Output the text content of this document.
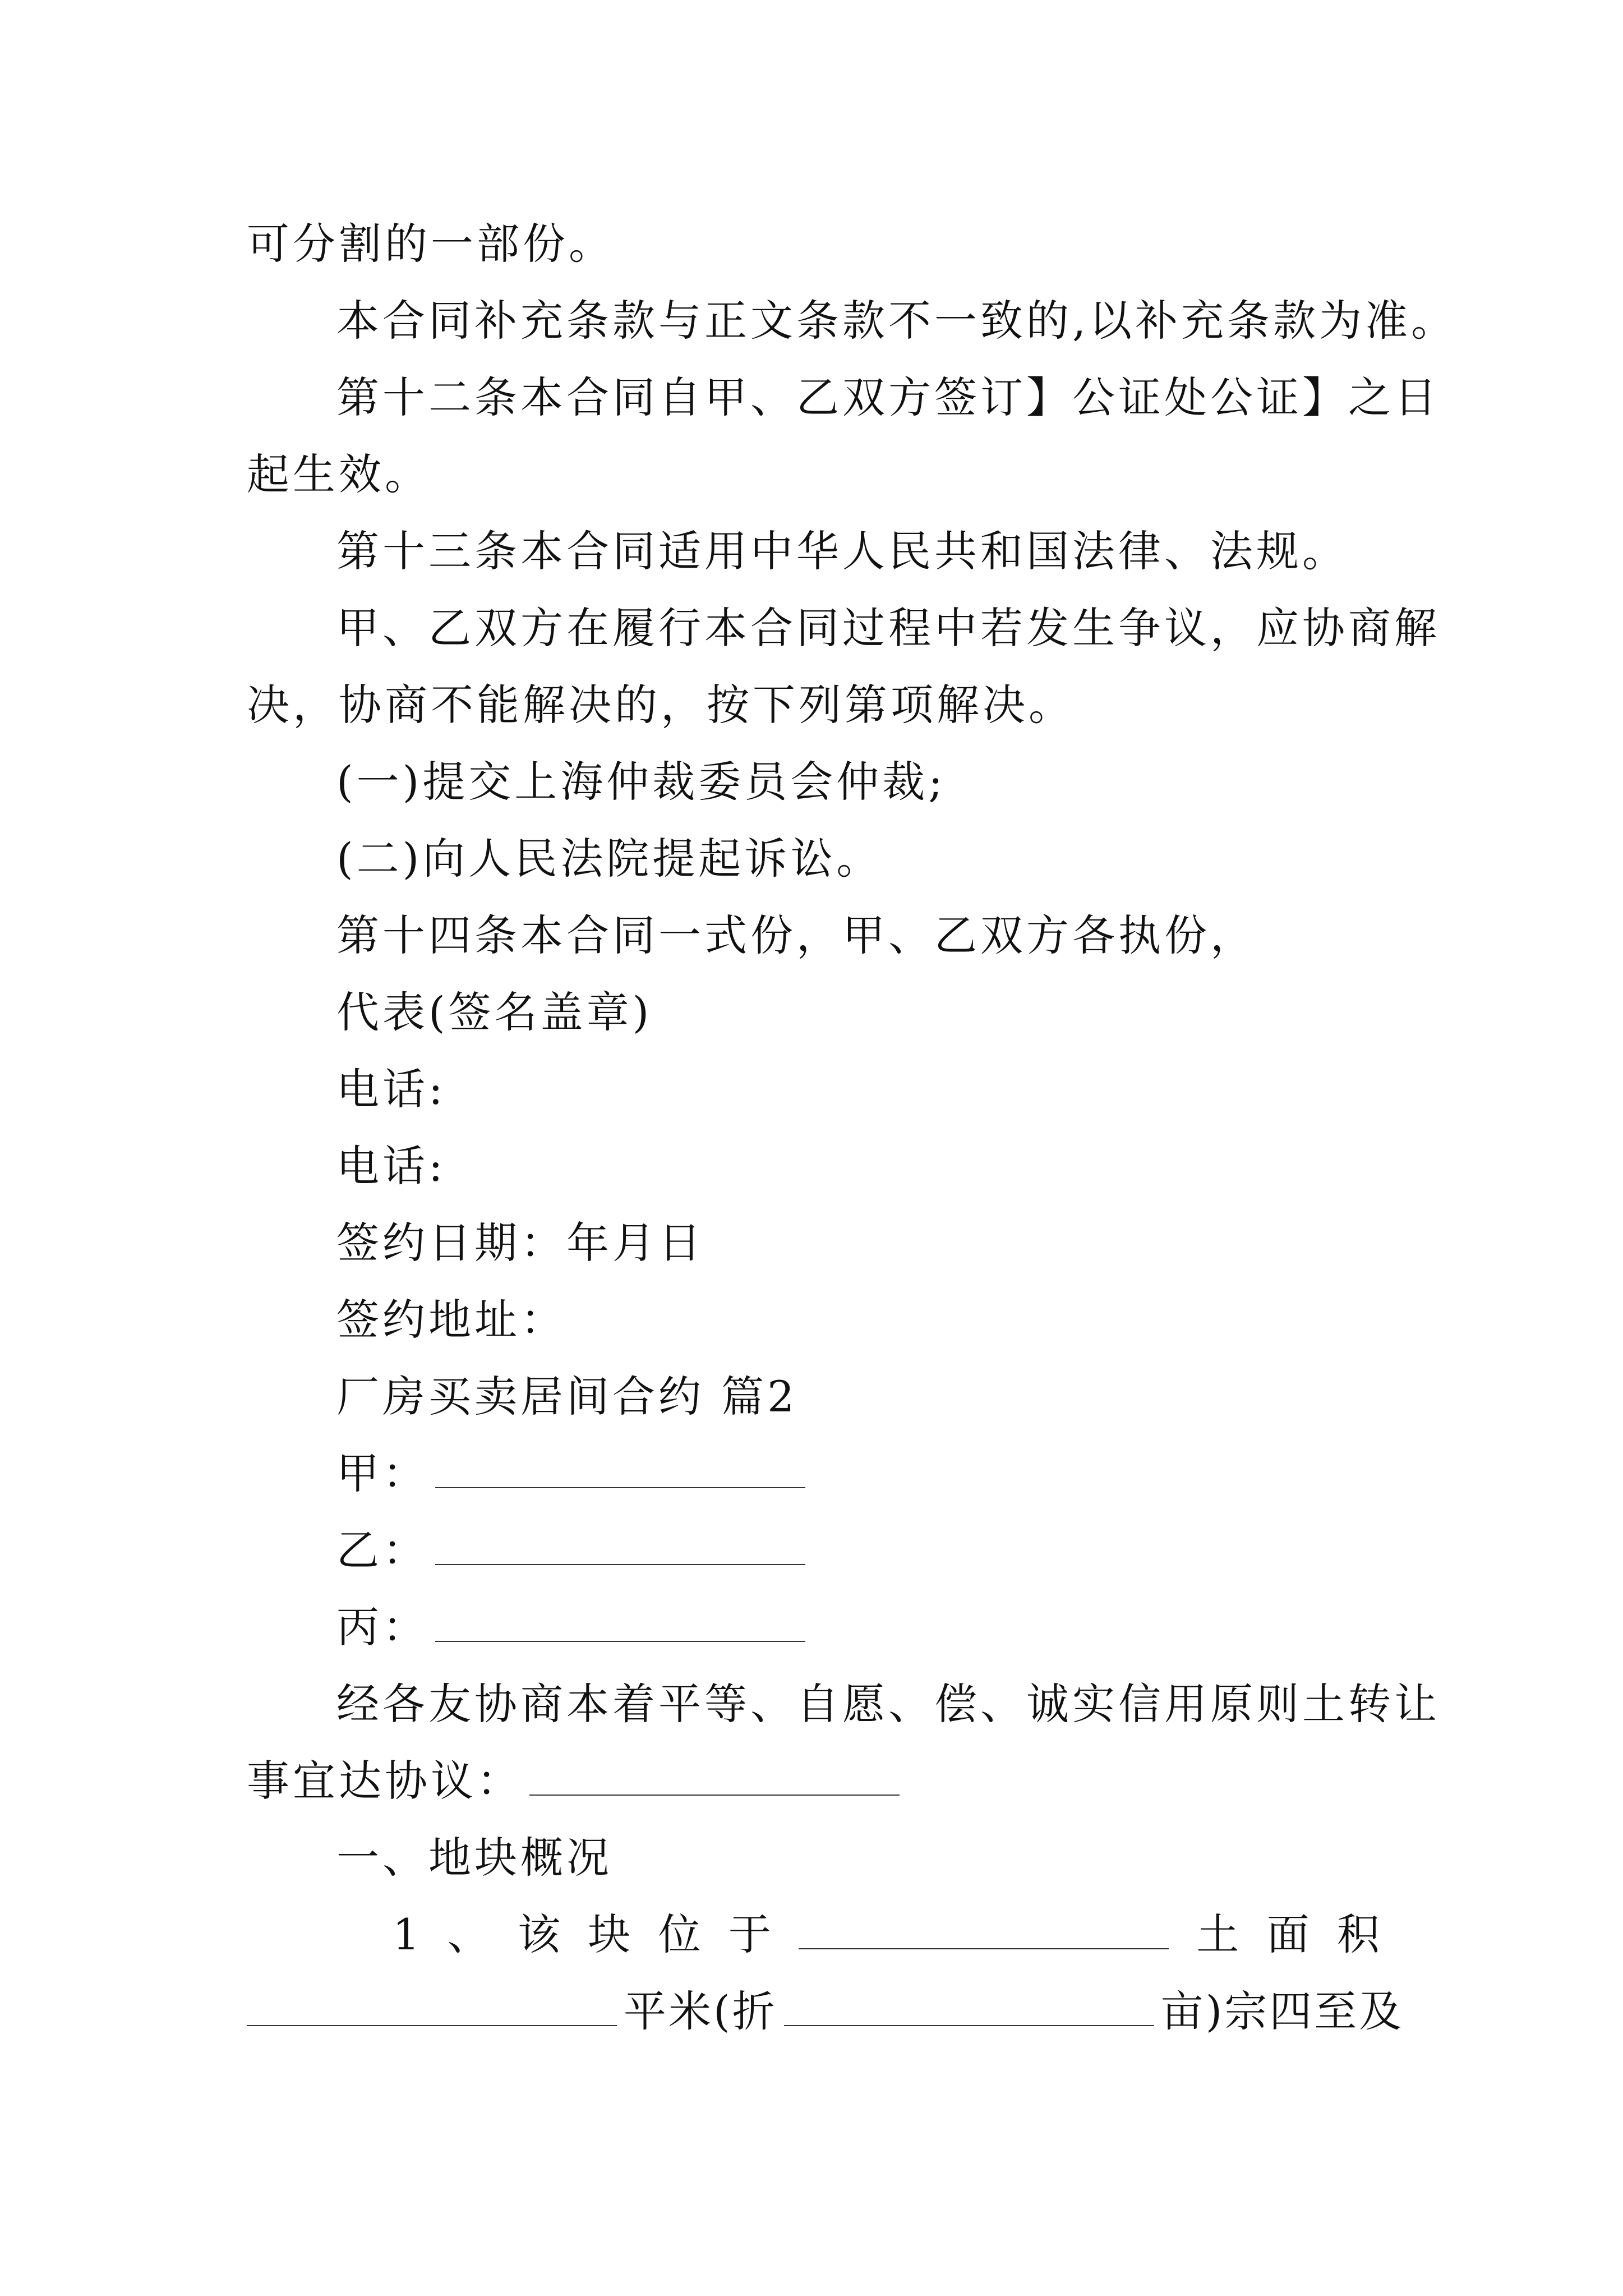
可分割的一部份。
本合同补充条款与正文条款不一致的,以补充条款为准。
第十二条本合同自甲、乙双方签订】公证处公证】之日
起生效。
第十三条本合同适用中华人民共和国法律、法规。
甲、乙双方在履行本合同过程中若发生争议，应协商解
决，协商不能解决的，按下列第项解决。
(一)提交上海仲裁委员会仲裁;
(二)向人民法院提起诉讼。
第十四条本合同一式份，甲、乙双方各执份，
代表(签名盖章)
电话:
电话:
签约日期：年月日
签约地址：
厂房买卖居间合约 篇2
甲：
乙：
丙：
经各友协商本着平等、自愿、偿、诚实信用原则土转让
事宜达协议：
一、地块概况
1 、 该 块 位 于	土 面 积
平米(折	亩)宗四至及
